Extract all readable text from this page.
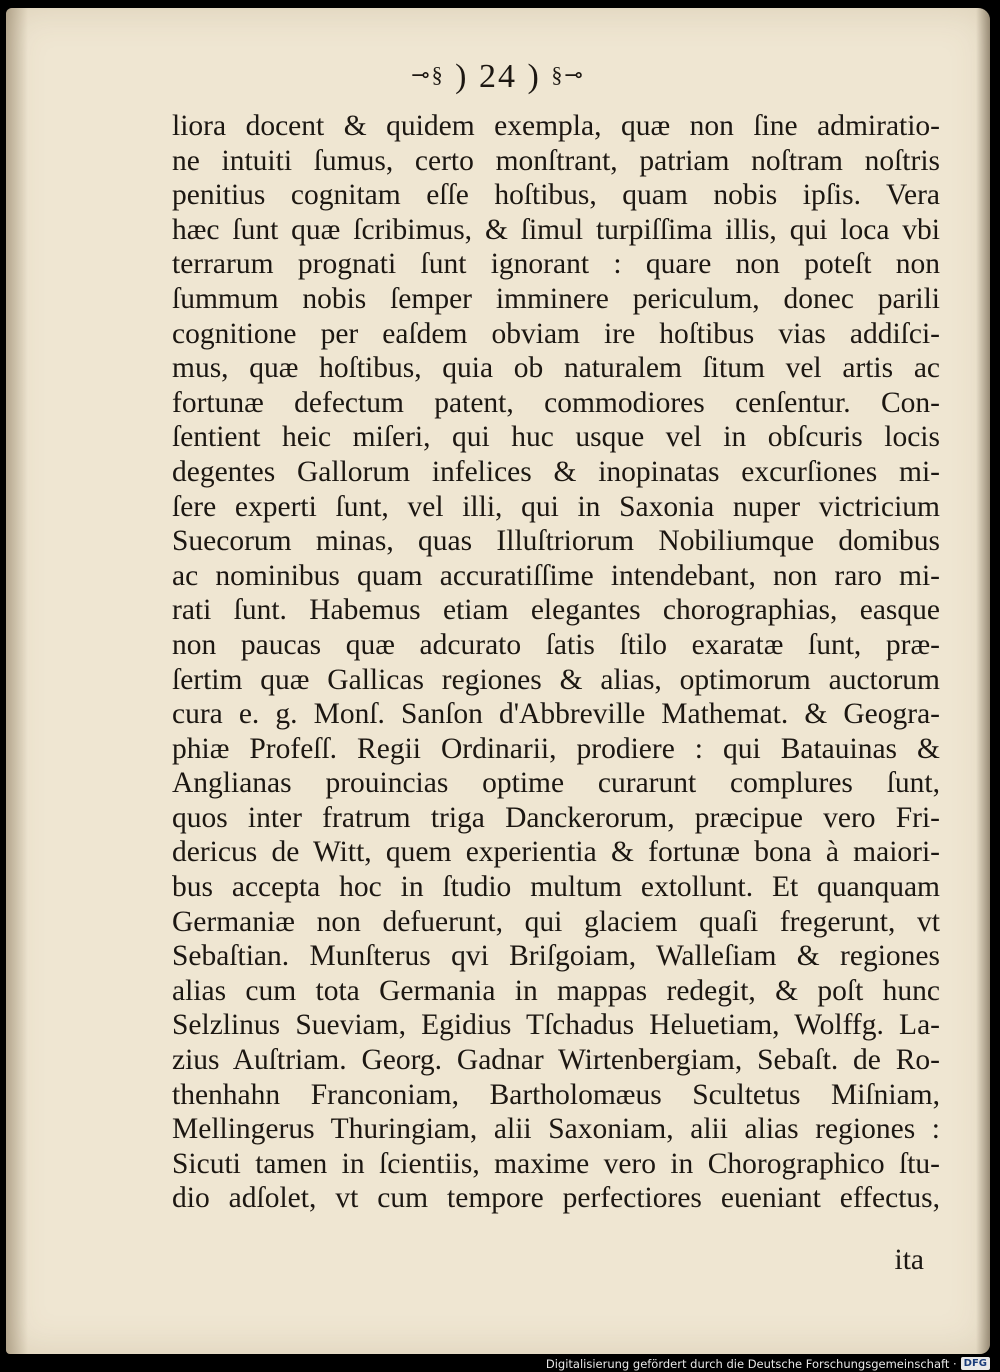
⊸§ ) 24 ) §⊸
liora docent & quidem exempla, quæ non ſine admiratio-
ne intuiti ſumus, certo monſtrant, patriam noſtram noſtris
penitius cognitam eſſe hoſtibus, quam nobis ipſis. Vera
hæc ſunt quæ ſcribimus, & ſimul turpiſſima illis, qui loca vbi
terrarum prognati ſunt ignorant : quare non poteſt non
ſummum nobis ſemper imminere periculum, donec parili
cognitione per eaſdem obviam ire hoſtibus vias addiſci-
mus, quæ hoſtibus, quia ob naturalem ſitum vel artis ac
fortunæ defectum patent, commodiores cenſentur. Con-
ſentient heic miſeri, qui huc usque vel in obſcuris locis
degentes Gallorum infelices & inopinatas excurſiones mi-
ſere experti ſunt, vel illi, qui in Saxonia nuper victricium
Suecorum minas, quas Illuſtriorum Nobiliumque domibus
ac nominibus quam accuratiſſime intendebant, non raro mi-
rati ſunt. Habemus etiam elegantes chorographias, easque
non paucas quæ adcurato ſatis ſtilo exaratæ ſunt, præ-
ſertim quæ Gallicas regiones & alias, optimorum auctorum
cura e. g. Monſ. Sanſon d'Abbreville Mathemat. & Geogra-
phiæ Profeſſ. Regii Ordinarii, prodiere : qui Batauinas &
Anglianas prouincias optime curarunt complures ſunt,
quos inter fratrum triga Danckerorum, præcipue vero Fri-
dericus de Witt, quem experientia & fortunæ bona à maiori-
bus accepta hoc in ſtudio multum extollunt. Et quanquam
Germaniæ non defuerunt, qui glaciem quaſi fregerunt, vt
Sebaſtian. Munſterus qvi Briſgoiam, Walleſiam & regiones
alias cum tota Germania in mappas redegit, & poſt hunc
Selzlinus Sueviam, Egidius Tſchadus Heluetiam, Wolffg. La-
zius Auſtriam. Georg. Gadnar Wirtenbergiam, Sebaſt. de Ro-
thenhahn Franconiam, Bartholomæus Scultetus Miſniam,
Mellingerus Thuringiam, alii Saxoniam, alii alias regiones :
Sicuti tamen in ſcientiis, maxime vero in Chorographico ſtu-
dio adſolet, vt cum tempore perfectiores eueniant effectus,
ita
Digitalisierung gefördert durch die Deutsche Forschungsgemeinschaft · DFG
